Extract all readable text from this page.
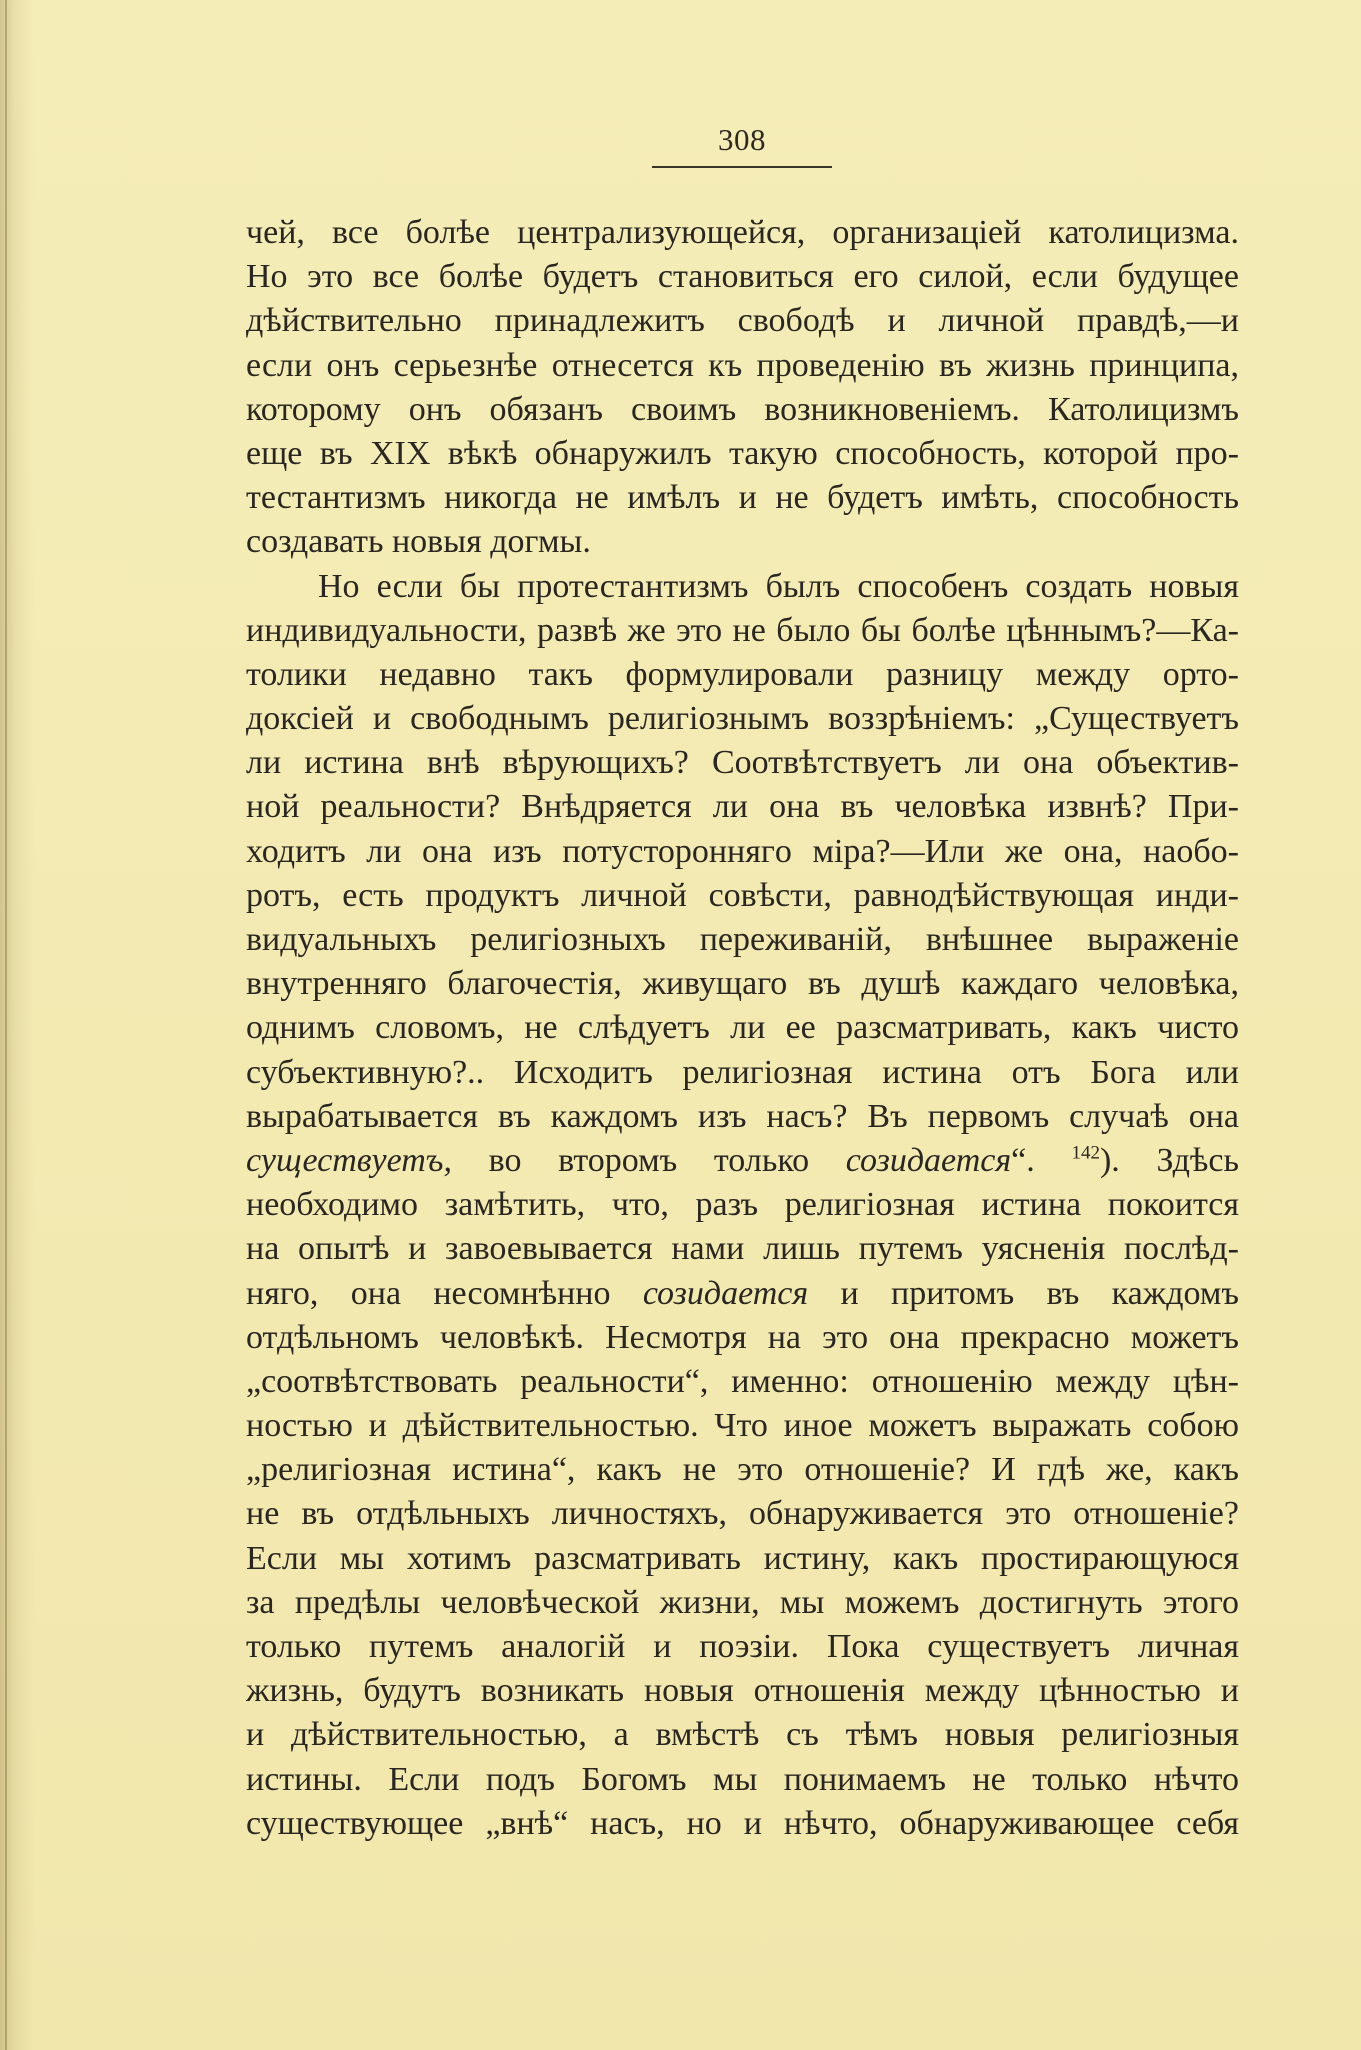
308
чей, все болѣе централизующейся, организаціей католицизма.
Но это все болѣе будетъ становиться его силой, если будущее
дѣйствительно принадлежитъ свободѣ и личной правдѣ,—и
если онъ серьезнѣе отнесется къ проведенію въ жизнь принципа,
которому онъ обязанъ своимъ возникновеніемъ. Католицизмъ
еще въ XIX вѣкѣ обнаружилъ такую способность, которой про-
тестантизмъ никогда не имѣлъ и не будетъ имѣть, способность
создавать новыя догмы.
Но если бы протестантизмъ былъ способенъ создать новыя
индивидуальности, развѣ же это не было бы болѣе цѣннымъ?—Ка-
толики недавно такъ формулировали разницу между орто-
доксіей и свободнымъ религіознымъ воззрѣніемъ: „Существуетъ
ли истина внѣ вѣрующихъ? Соотвѣтствуетъ ли она объектив-
ной реальности? Внѣдряется ли она въ человѣка извнѣ? При-
ходитъ ли она изъ потустороннягo міра?—Или же она, наобо-
ротъ, есть продуктъ личной совѣсти, равнодѣйствующая инди-
видуальныхъ религіозныхъ переживаній, внѣшнее выраженіе
внутренняго благочестія, живущаго въ душѣ каждаго человѣка,
однимъ словомъ, не слѣдуетъ ли ее разсматривать, какъ чисто
субъективную?.. Исходитъ религіозная истина отъ Бога или
вырабатывается въ каждомъ изъ насъ? Въ первомъ случаѣ она
существуетъ, во второмъ только созидается“. $^{142}$). Здѣсь
необходимо замѣтить, что, разъ религіозная истина покоится
на опытѣ и завоевывается нами лишь путемъ уясненія послѣд-
няго, она несомнѣнно созидается и притомъ въ каждомъ
отдѣльномъ человѣкѣ. Несмотря на это она прекрасно можетъ
„соотвѣтствовать реальности“, именно: отношенію между цѣн-
ностью и дѣйствительностью. Что иное можетъ выражать собою
„религіозная истина“, какъ не это отношеніе? И гдѣ же, какъ
не въ отдѣльныхъ личностяхъ, обнаруживается это отношеніе?
Если мы хотимъ разсматривать истину, какъ простирающуюся
за предѣлы человѣческой жизни, мы можемъ достигнуть этого
только путемъ аналогій и поэзіи. Пока существуетъ личная
жизнь, будутъ возникать новыя отношенія между цѣнностью и
и дѣйствительностью, а вмѣстѣ съ тѣмъ новыя религіозныя
истины. Если подъ Богомъ мы понимаемъ не только нѣчто
существующее „внѣ“ насъ, но и нѣчто, обнаруживающее себя
